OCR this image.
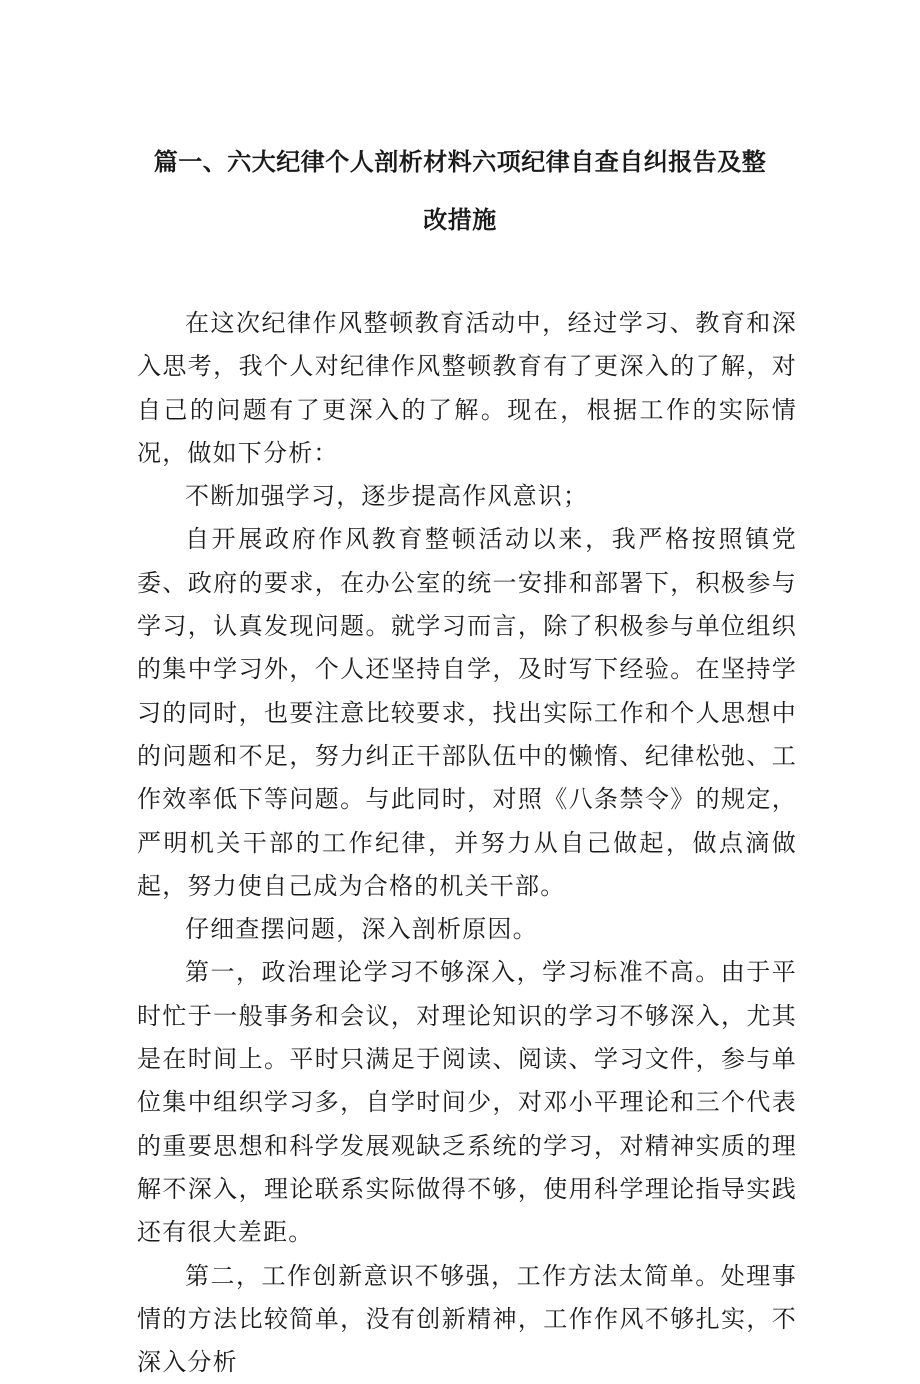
篇一、六大纪律个人剖析材料六项纪律自查自纠报告及整
改措施

在这次纪律作风整顿教育活动中，经过学习、教育和深入思考，我个人对纪律作风整顿教育有了更深入的了解，对自己的问题有了更深入的了解。现在，根据工作的实际情况，做如下分析：

不断加强学习，逐步提高作风意识；

自开展政府作风教育整顿活动以来，我严格按照镇党委、政府的要求，在办公室的统一安排和部署下，积极参与学习，认真发现问题。就学习而言，除了积极参与单位组织的集中学习外，个人还坚持自学，及时写下经验。在坚持学习的同时，也要注意比较要求，找出实际工作和个人思想中的问题和不足，努力纠正干部队伍中的懒惰、纪律松弛、工作效率低下等问题。与此同时，对照《八条禁令》的规定，严明机关干部的工作纪律，并努力从自己做起，做点滴做起，努力使自己成为合格的机关干部。

仔细查摆问题，深入剖析原因。

第一，政治理论学习不够深入，学习标准不高。由于平时忙于一般事务和会议，对理论知识的学习不够深入，尤其是在时间上。平时只满足于阅读、阅读、学习文件，参与单位集中组织学习多，自学时间少，对邓小平理论和三个代表的重要思想和科学发展观缺乏系统的学习，对精神实质的理解不深入，理论联系实际做得不够，使用科学理论指导实践还有很大差距。

第二，工作创新意识不够强，工作方法太简单。处理事情的方法比较简单，没有创新精神，工作作风不够扎实，不深入分析
